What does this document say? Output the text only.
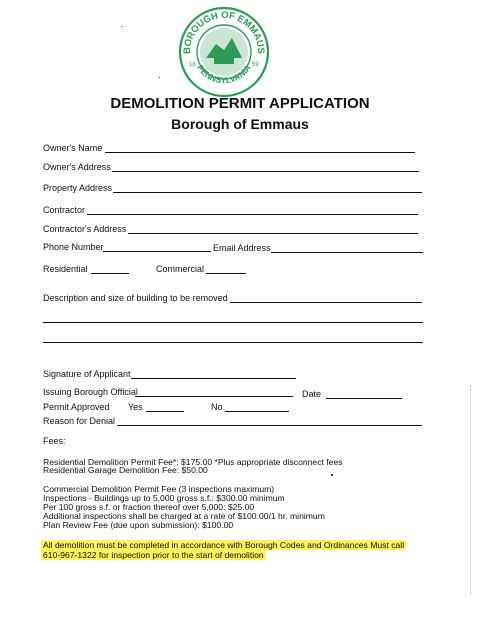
BOROUGH OF EMMAUS
PENNSYLVANIA
18	59
DEMOLITION PERMIT APPLICATION
Borough of Emmaus
Owner's Name
Owner's Address
Property Address
Contractor
Contractor's Address
Phone Number	Email Address
Residential	Commercial
Description and size of building to be removed
Signature of Applicant
Issuing Borough Official	Date
Permit Approved Yes	No
Reason for Denial
Fees:
Residential Demolition Permit Fee*: $175.00 *Plus appropriate disconnect fees
Residential Garage Demolition Fee: $50.00
Commercial Demolition Permit Fee (3 inspections maximum)
Inspections - Buildings up to 5,000 gross s.f.: $300.00 minimum
Per 100 gross s.f. or fraction thereof over 5,000: $25.00
Additional inspections shall be charged at a rate of $100.00/1 hr. minimum
Plan Review Fee (due upon submission): $100.00
All demolition must be completed in accordance with Borough Codes and Ordinances Must call
610-967-1322 for inspection prior to the start of demolition
